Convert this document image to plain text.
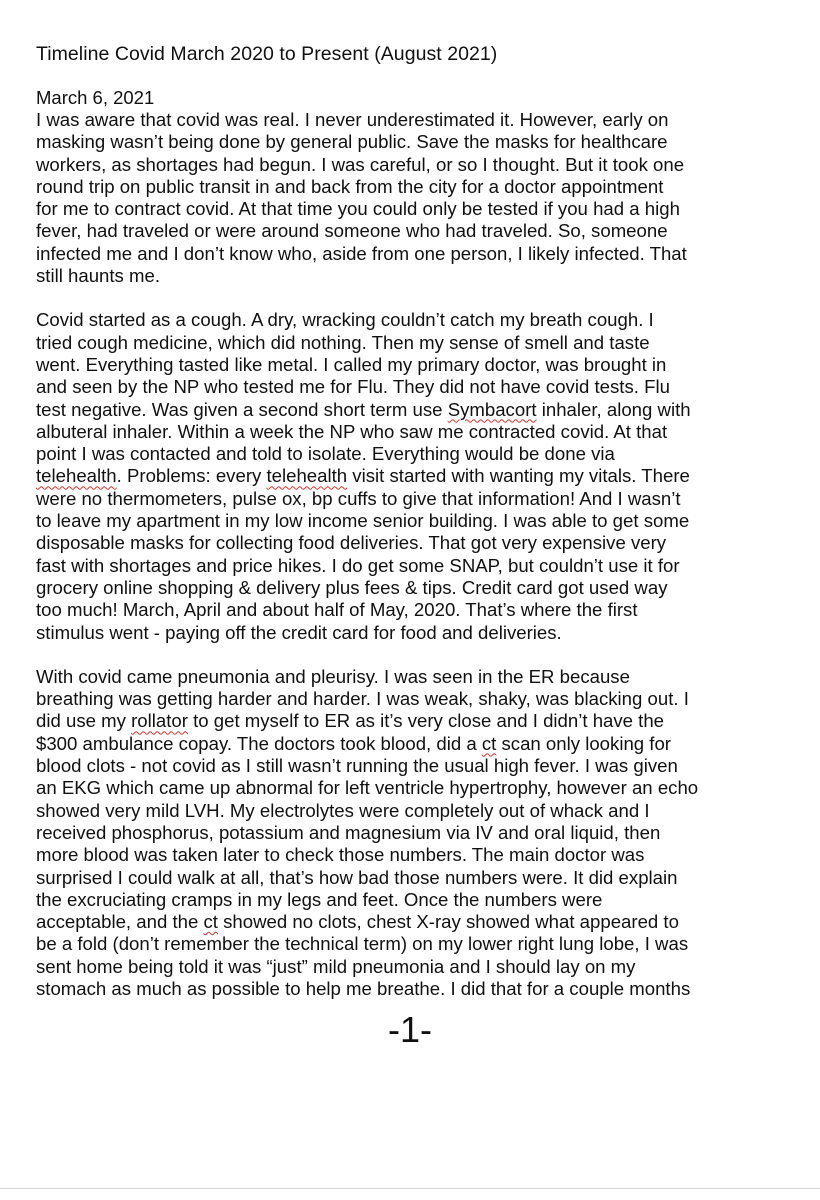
Timeline Covid March 2020 to Present (August 2021)

March 6, 2021

I was aware that covid was real. I never underestimated it. However, early on
masking wasn’t being done by general public. Save the masks for healthcare
workers, as shortages had begun. I was careful, or so I thought. But it took one
round trip on public transit in and back from the city for a doctor appointment
for me to contract covid. At that time you could only be tested if you had a high
fever, had traveled or were around someone who had traveled. So, someone
infected me and I don’t know who, aside from one person, I likely infected. That
still haunts me.

Covid started as a cough. A dry, wracking couldn’t catch my breath cough. I
tried cough medicine, which did nothing. Then my sense of smell and taste
went. Everything tasted like metal. I called my primary doctor, was brought in
and seen by the NP who tested me for Flu. They did not have covid tests. Flu
test negative. Was given a second short term use Symbacort inhaler, along with
albuteral inhaler. Within a week the NP who saw me contracted covid. At that
point I was contacted and told to isolate. Everything would be done via
telehealth. Problems: every telehealth visit started with wanting my vitals. There
were no thermometers, pulse ox, bp cuffs to give that information! And I wasn’t
to leave my apartment in my low income senior building. I was able to get some
disposable masks for collecting food deliveries. That got very expensive very
fast with shortages and price hikes. I do get some SNAP, but couldn’t use it for
grocery online shopping & delivery plus fees & tips. Credit card got used way
too much! March, April and about half of May, 2020. That’s where the first
stimulus went - paying off the credit card for food and deliveries.

With covid came pneumonia and pleurisy. I was seen in the ER because
breathing was getting harder and harder. I was weak, shaky, was blacking out. I
did use my rollator to get myself to ER as it’s very close and I didn’t have the
$300 ambulance copay. The doctors took blood, did a ct scan only looking for
blood clots - not covid as I still wasn’t running the usual high fever. I was given
an EKG which came up abnormal for left ventricle hypertrophy, however an echo
showed very mild LVH. My electrolytes were completely out of whack and I
received phosphorus, potassium and magnesium via IV and oral liquid, then
more blood was taken later to check those numbers. The main doctor was
surprised I could walk at all, that’s how bad those numbers were. It did explain
the excruciating cramps in my legs and feet. Once the numbers were
acceptable, and the ct showed no clots, chest X-ray showed what appeared to
be a fold (don’t remember the technical term) on my lower right lung lobe, I was
sent home being told it was “just” mild pneumonia and I should lay on my
stomach as much as possible to help me breathe. I did that for a couple months

-1-
